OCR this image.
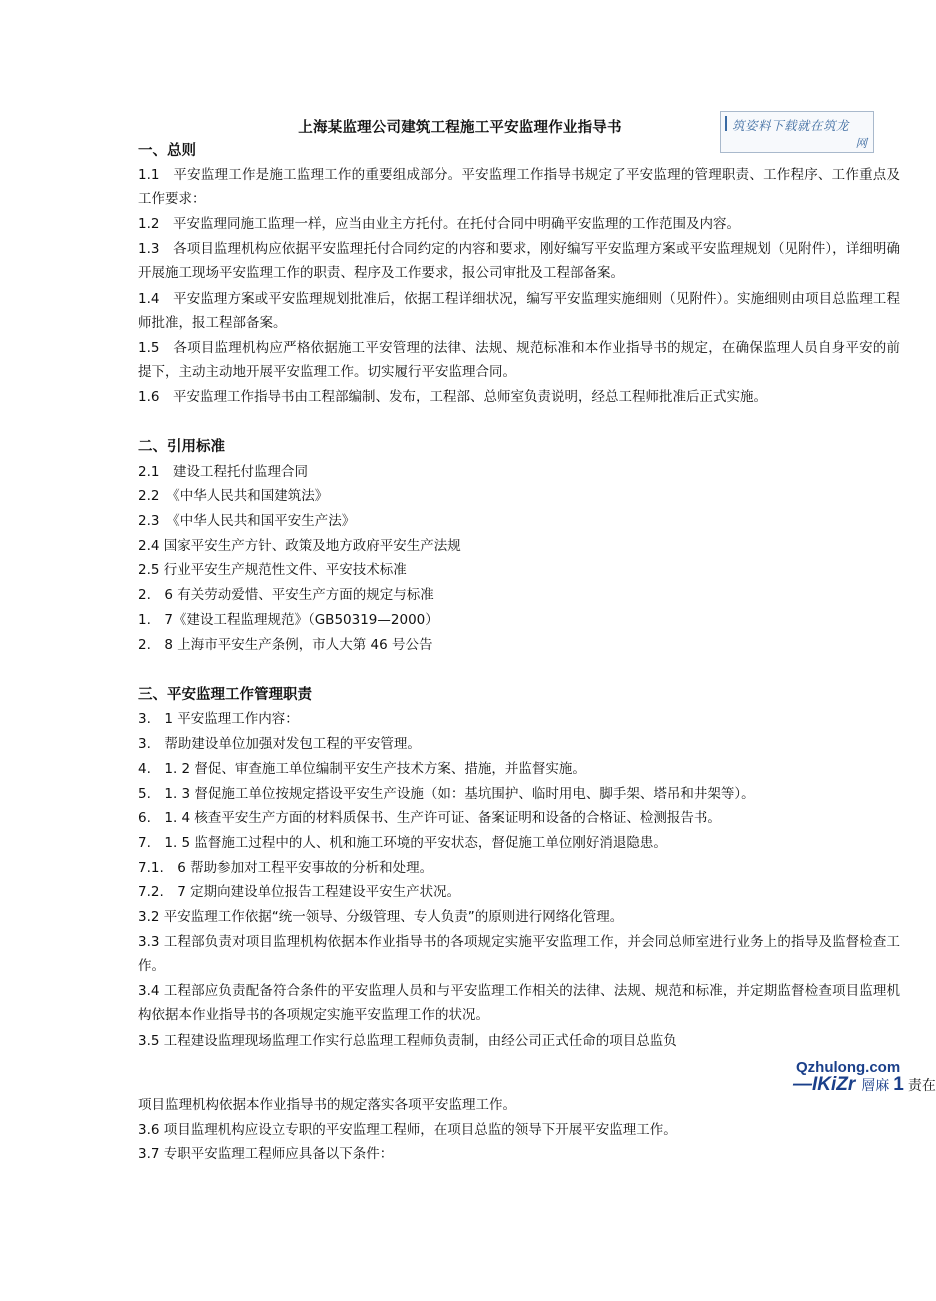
上海某监理公司建筑工程施工平安监理作业指导书	筑姿料下载就在筑龙
网
一、总则
1.1　平安监理工作是施工监理工作的重要组成部分。平安监理工作指导书规定了平安监理的管理职责、工作程序、工作重点及工作要求：
1.2　平安监理同施工监理一样，应当由业主方托付。在托付合同中明确平安监理的工作范围及内容。
1.3　各项目监理机构应依据平安监理托付合同约定的内容和要求，刚好编写平安监理方案或平安监理规划（见附件），详细明确开展施工现场平安监理工作的职责、程序及工作要求，报公司审批及工程部备案。
1.4　平安监理方案或平安监理规划批准后，依据工程详细状况，编写平安监理实施细则（见附件）。实施细则由项目总监理工程师批准，报工程部备案。
1.5　各项目监理机构应严格依据施工平安管理的法律、法规、规范标准和本作业指导书的规定，在确保监理人员自身平安的前提下，主动主动地开展平安监理工作。切实履行平安监理合同。
1.6　平安监理工作指导书由工程部编制、发布，工程部、总师室负责说明，经总工程师批准后正式实施。
二、引用标准
2.1　建设工程托付监理合同
2.2　《中华人民共和国建筑法》
2.3　《中华人民共和国平安生产法》
2.4 国家平安生产方针、政策及地方政府平安生产法规
2.5 行业平安生产规范性文件、平安技术标准
2.　6 有关劳动爱惜、平安生产方面的规定与标准
1.　7《建设工程监理规范》（GB50319—2000）
2.　8 上海市平安生产条例，市人大第 46 号公告
三、平安监理工作管理职责
3.　1 平安监理工作内容：
3.　帮助建设单位加强对发包工程的平安管理。
4.　1. 2 督促、审查施工单位编制平安生产技术方案、措施，并监督实施。
5.　1. 3 督促施工单位按规定搭设平安生产设施（如：基坑围护、临时用电、脚手架、塔吊和井架等）。
6.　1. 4 核查平安生产方面的材料质保书、生产许可证、备案证明和设备的合格证、检测报告书。
7.　1. 5 监督施工过程中的人、机和施工环境的平安状态，督促施工单位刚好消退隐患。
7.1.　6 帮助参加对工程平安事故的分析和处理。
7.2.　7 定期向建设单位报告工程建设平安生产状况。
3.2 平安监理工作依据“统一领导、分级管理、专人负责”的原则进行网络化管理。
3.3 工程部负责对项目监理机构依据本作业指导书的各项规定实施平安监理工作，并会同总师室进行业务上的指导及监督检查工作。
3.4 工程部应负责配备符合条件的平安监理人员和与平安监理工作相关的法律、法规、规范和标准，并定期监督检查项目监理机构依据本作业指导书的各项规定实施平安监理工作的状况。
3.5 工程建设监理现场监理工作实行总监理工程师负责制，由经公司正式任命的项目总监负
Qzhulong.com
—IKiZr 層麻 1 责在
项目监理机构依据本作业指导书的规定落实各项平安监理工作。
3.6 项目监理机构应设立专职的平安监理工程师，在项目总监的领导下开展平安监理工作。
3.7 专职平安监理工程师应具备以下条件：
